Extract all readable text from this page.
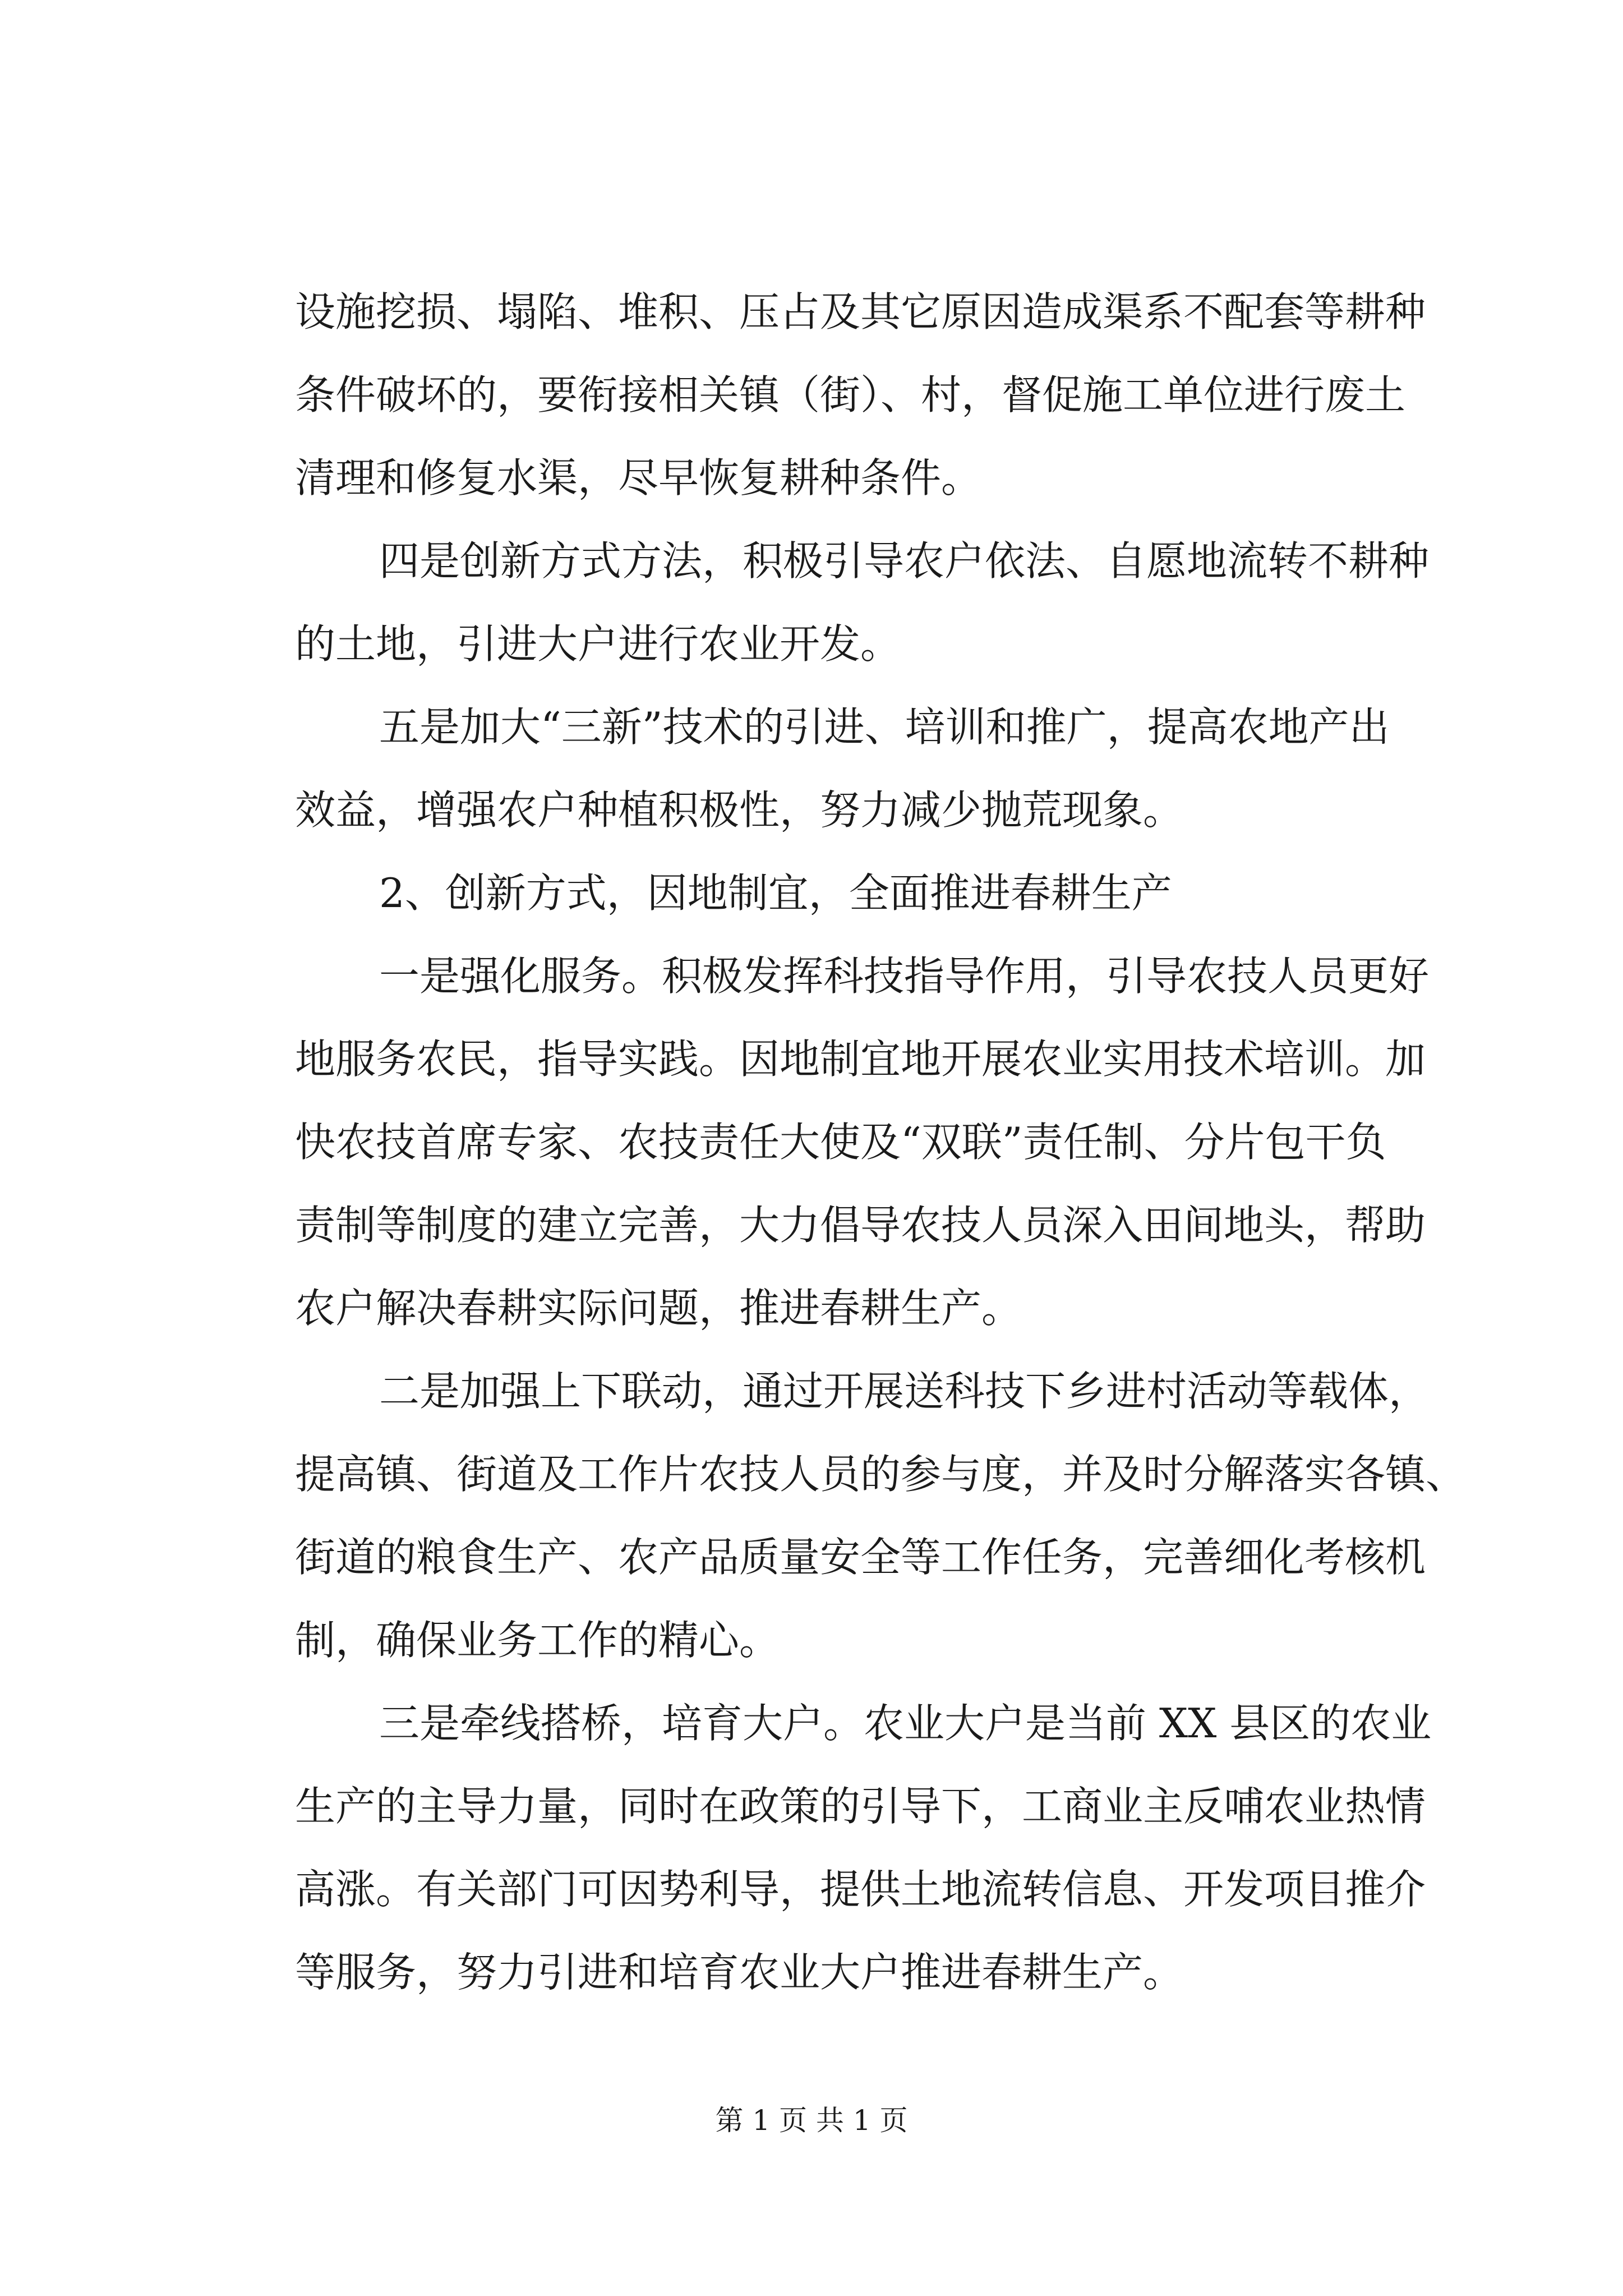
设施挖损、塌陷、堆积、压占及其它原因造成渠系不配套等耕种
条件破坏的，要衔接相关镇（街）、村，督促施工单位进行废土
清理和修复水渠，尽早恢复耕种条件。
四是创新方式方法，积极引导农户依法、自愿地流转不耕种
的土地，引进大户进行农业开发。
五是加大“三新”技术的引进、培训和推广，提高农地产出
效益，增强农户种植积极性，努力减少抛荒现象。
2、创新方式，因地制宜，全面推进春耕生产
一是强化服务。积极发挥科技指导作用，引导农技人员更好
地服务农民，指导实践。因地制宜地开展农业实用技术培训。加
快农技首席专家、农技责任大使及“双联”责任制、分片包干负
责制等制度的建立完善，大力倡导农技人员深入田间地头，帮助
农户解决春耕实际问题，推进春耕生产。
二是加强上下联动，通过开展送科技下乡进村活动等载体，
提高镇、街道及工作片农技人员的参与度，并及时分解落实各镇、
街道的粮食生产、农产品质量安全等工作任务，完善细化考核机
制，确保业务工作的精心。
三是牵线搭桥，培育大户。农业大户是当前 XX 县区的农业
生产的主导力量，同时在政策的引导下，工商业主反哺农业热情
高涨。有关部门可因势利导，提供土地流转信息、开发项目推介
等服务，努力引进和培育农业大户推进春耕生产。
第 1 页 共 1 页
